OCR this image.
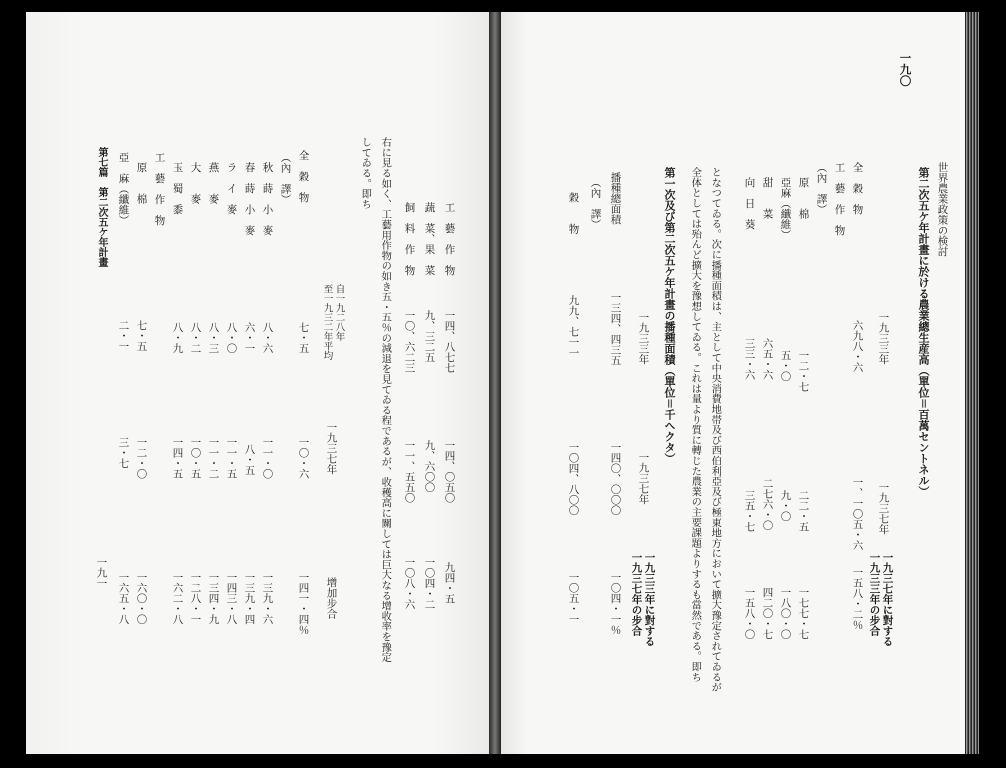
一九〇
世界農業政策の検討
第二次五ケ年計畫に於ける農業總生産高（單位＝百萬セントネル）
一九三三年
一九三七年
一九三七年に對する
一九三三年の步合
全　穀　物
六九八・六
一、一〇五・六
一五八・二％
工　藝　作　物
（內　譯）
原　　棉
一二・七
二二・五
一七七・七
亞麻（纖維）
五・〇
九・〇
一八〇・〇
甜　　菜
六五・六
二七六・〇
四二〇・七
向　日　葵
三三・六
三五・七
一五八・〇
となつてゐる。次に播種面積は、主として中央消費地帯及び西伯利亞及び極東地方において擴大豫定されてゐるが
全体としては殆んど擴大を豫想してゐる。これは量より質に轉じた農業の主要課題よりするも當然である。即ち
第一次及び第二次五ケ年計畫の播種面積（單位＝千ヘクタ）
一九三三年
一九三七年
一九三三年に對する
一九三七年の步合
播種總面積
一三四、四三五
一四〇、〇〇〇
一〇四・一％
（內　譯）
穀　　物
九九、七一一
一〇四、八〇〇
一〇五・一
工　藝　作　物
一四、八七七
一四、〇五〇
九四・五
蔬　菜、果　菜
九、三二五
九、六〇〇
一〇四・二
飼　料　作　物
一〇、六二三
一一、五五〇
一〇八・六
右に見る如く、工藝用作物の如き五・五％の減退を見てゐる程であるが、收穫高に關しては巨大なる增收率を豫定
してゐる。即ち
自一九二八年
至一九三二年平均
一九三七年
增加步合
全　穀　物
七・五
一〇・六
一四一・四％
（內　譯）
秋　蒔　小　麥
八・六
一一・〇
一三九・六
春　蒔　小　麥
六・一
八・五
一三九・四
ラ　イ　麥
八・〇
一一・五
一四三・八
燕　　麥
八・三
一一・二
一三四・九
大　　麥
八・二
一〇・五
一二八・一
玉　蜀　黍
八・九
一四・五
一六二・八
工　藝　作　物
原　　棉
七・五
一二・〇
一六〇・〇
亞　麻（纖維）
二・一
三・七
一六五・八
第七篇　第二次五ケ年計畫
一九一
